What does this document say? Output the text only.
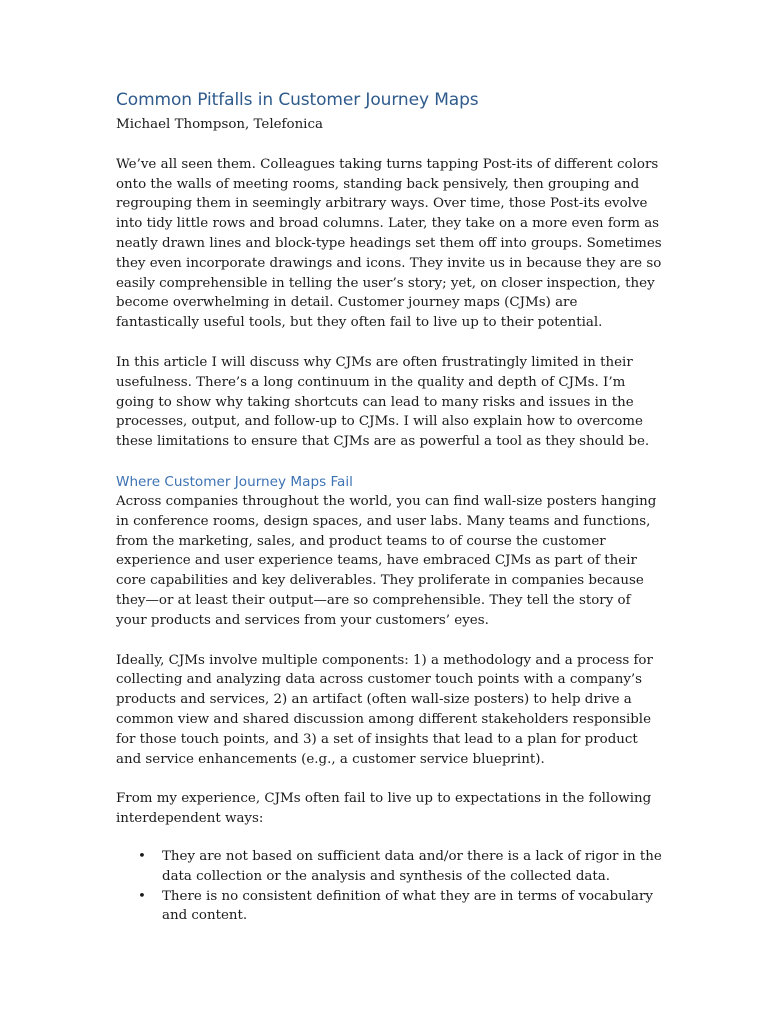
Common Pitfalls in Customer Journey Maps

Michael Thompson, Telefonica

We’ve all seen them. Colleagues taking turns tapping Post-its of different colors onto the walls of meeting rooms, standing back pensively, then grouping and regrouping them in seemingly arbitrary ways. Over time, those Post-its evolve into tidy little rows and broad columns. Later, they take on a more even form as neatly drawn lines and block-type headings set them off into groups. Sometimes they even incorporate drawings and icons. They invite us in because they are so easily comprehensible in telling the user’s story; yet, on closer inspection, they become overwhelming in detail. Customer journey maps (CJMs) are fantastically useful tools, but they often fail to live up to their potential.

In this article I will discuss why CJMs are often frustratingly limited in their usefulness. There’s a long continuum in the quality and depth of CJMs. I’m going to show why taking shortcuts can lead to many risks and issues in the processes, output, and follow-up to CJMs. I will also explain how to overcome these limitations to ensure that CJMs are as powerful a tool as they should be.

Where Customer Journey Maps Fail

Across companies throughout the world, you can find wall-size posters hanging in conference rooms, design spaces, and user labs. Many teams and functions, from the marketing, sales, and product teams to of course the customer experience and user experience teams, have embraced CJMs as part of their core capabilities and key deliverables. They proliferate in companies because they—or at least their output—are so comprehensible. They tell the story of your products and services from your customers’ eyes.

Ideally, CJMs involve multiple components: 1) a methodology and a process for collecting and analyzing data across customer touch points with a company’s products and services, 2) an artifact (often wall-size posters) to help drive a common view and shared discussion among different stakeholders responsible for those touch points, and 3) a set of insights that lead to a plan for product and service enhancements (e.g., a customer service blueprint).

From my experience, CJMs often fail to live up to expectations in the following interdependent ways:

• They are not based on sufficient data and/or there is a lack of rigor in the data collection or the analysis and synthesis of the collected data.
• There is no consistent definition of what they are in terms of vocabulary and content.
